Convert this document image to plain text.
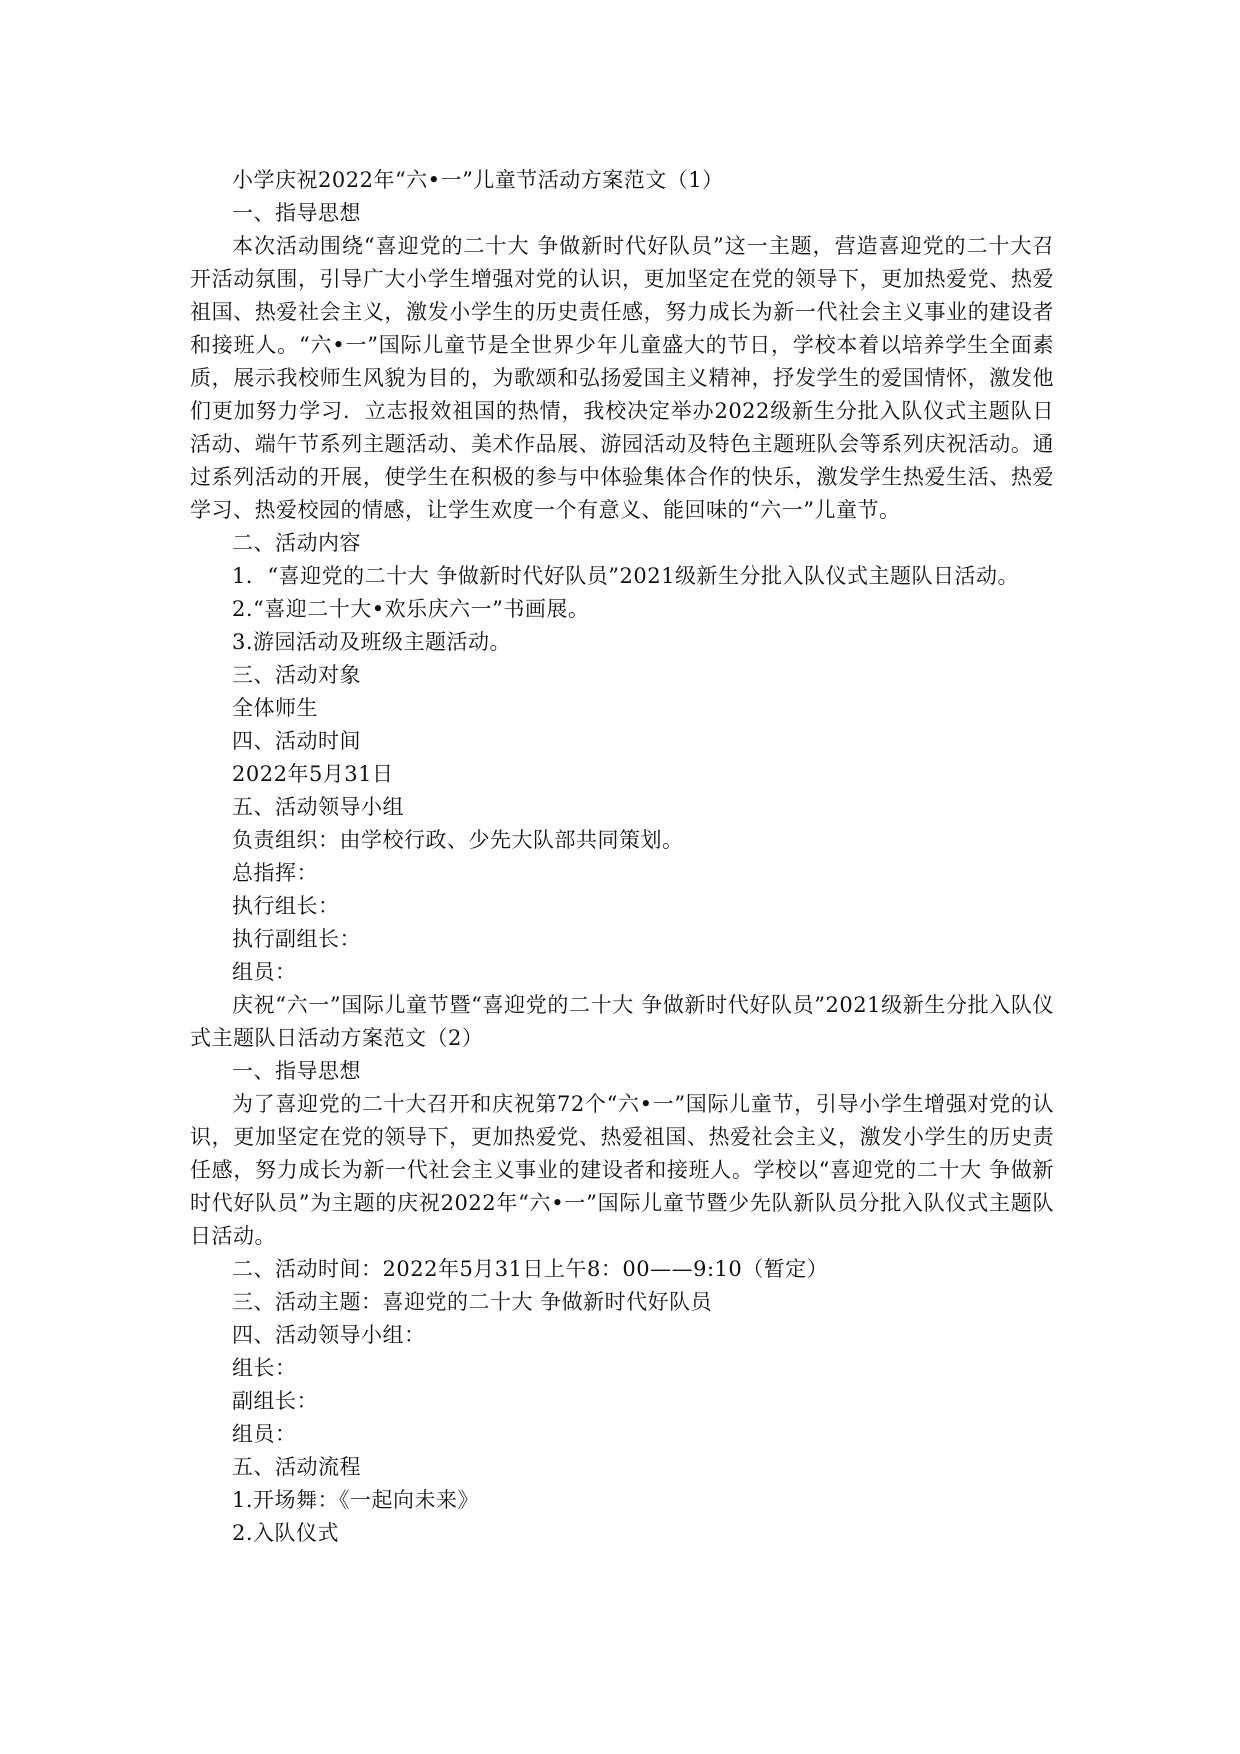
小学庆祝2022年“六•一”儿童节活动方案范文（1）

一、指导思想

本次活动围绕“喜迎党的二十大 争做新时代好队员”这一主题，营造喜迎党的二十大召开活动氛围，引导广大小学生增强对党的认识，更加坚定在党的领导下，更加热爱党、热爱祖国、热爱社会主义，激发小学生的历史责任感，努力成长为新一代社会主义事业的建设者和接班人。“六•一”国际儿童节是全世界少年儿童盛大的节日，学校本着以培养学生全面素质，展示我校师生风貌为目的，为歌颂和弘扬爱国主义精神，抒发学生的爱国情怀，激发他们更加努力学习．立志报效祖国的热情，我校决定举办2022级新生分批入队仪式主题队日活动、端午节系列主题活动、美术作品展、游园活动及特色主题班队会等系列庆祝活动。通过系列活动的开展，使学生在积极的参与中体验集体合作的快乐，激发学生热爱生活、热爱学习、热爱校园的情感，让学生欢度一个有意义、能回味的“六一”儿童节。

二、活动内容

1．“喜迎党的二十大 争做新时代好队员”2021级新生分批入队仪式主题队日活动。

2.“喜迎二十大•欢乐庆六一”书画展。

3.游园活动及班级主题活动。

三、活动对象

全体师生

四、活动时间

2022年5月31日

五、活动领导小组

负责组织：由学校行政、少先大队部共同策划。

总指挥：

执行组长：

执行副组长：

组员：

庆祝“六一”国际儿童节暨“喜迎党的二十大 争做新时代好队员”2021级新生分批入队仪式主题队日活动方案范文（2）

一、指导思想

为了喜迎党的二十大召开和庆祝第72个“六•一”国际儿童节，引导小学生增强对党的认识，更加坚定在党的领导下，更加热爱党、热爱祖国、热爱社会主义，激发小学生的历史责任感，努力成长为新一代社会主义事业的建设者和接班人。学校以“喜迎党的二十大 争做新时代好队员”为主题的庆祝2022年“六•一”国际儿童节暨少先队新队员分批入队仪式主题队日活动。

二、活动时间：2022年5月31日上午8：00——9:10（暂定）

三、活动主题：喜迎党的二十大 争做新时代好队员

四、活动领导小组：

组长：

副组长：

组员：

五、活动流程

1.开场舞：《一起向未来》

2.入队仪式
